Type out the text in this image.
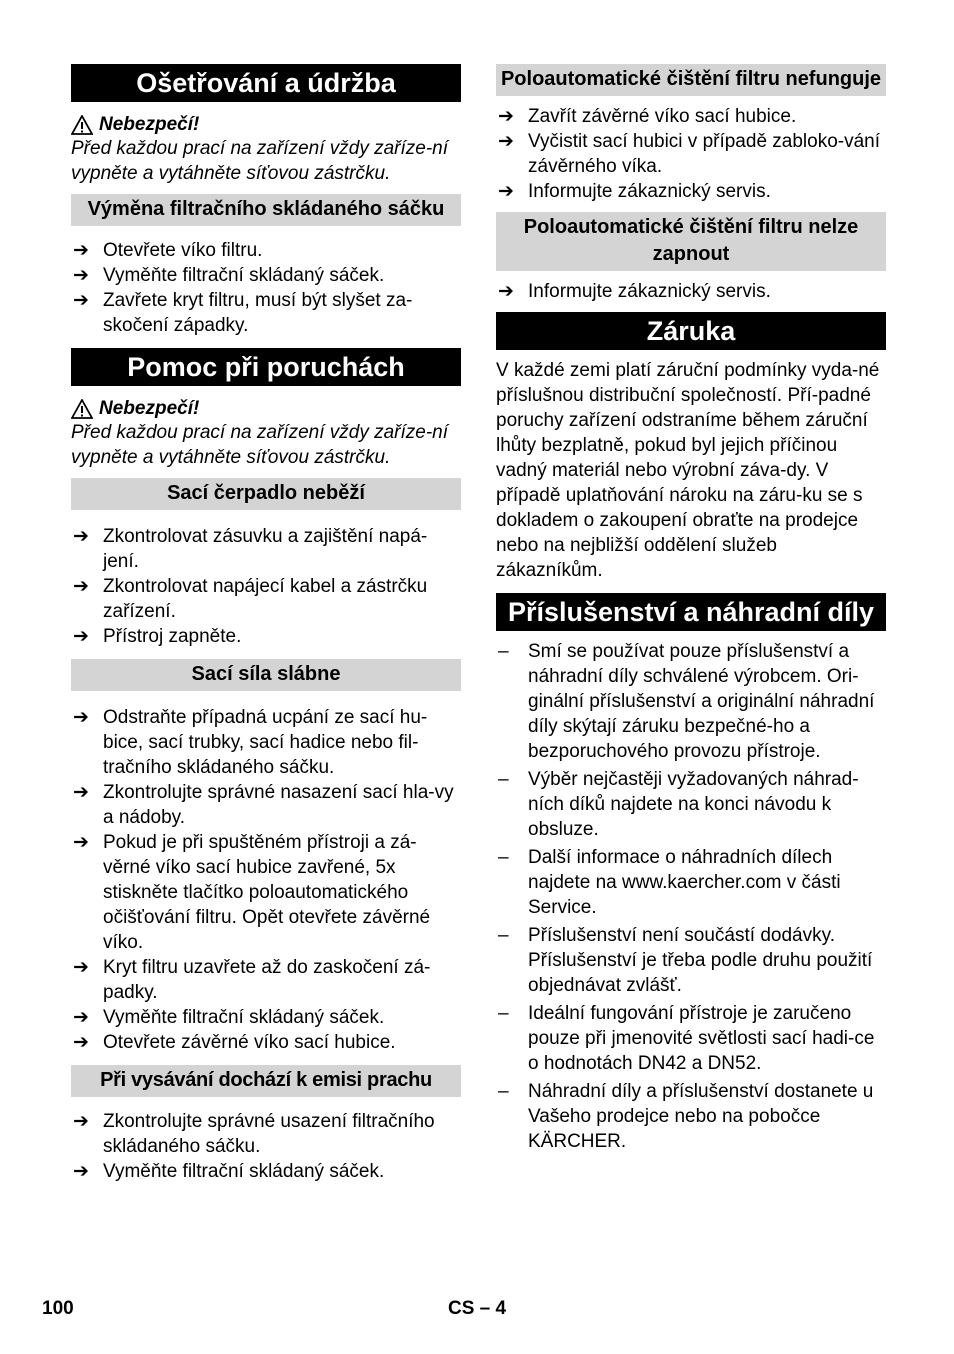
Ošetřování a údržba
Nebezpečí!

Před každou prací na zařízení vždy zaříze-ní vypněte a vytáhněte síťovou zástrčku.

Výměna filtračního skládaného sáčku
➔ Otevřete víko filtru.
➔ Vyměňte filtrační skládaný sáček.
➔ Zavřete kryt filtru, musí být slyšet za-skočení západky.
Pomoc při poruchách
Nebezpečí!

Před každou prací na zařízení vždy zaříze-ní vypněte a vytáhněte síťovou zástrčku.

Sací čerpadlo neběží
➔ Zkontrolovat zásuvku a zajištění napá-jení.
➔ Zkontrolovat napájecí kabel a zástrčku zařízení.
➔ Přístroj zapněte.
Sací síla slábne
➔ Odstraňte případná ucpání ze sací hu-bice, sací trubky, sací hadice nebo fil-tračního skládaného sáčku.
➔ Zkontrolujte správné nasazení sací hla-vy a nádoby.
➔ Pokud je při spuštěném přístroji a zá-věrné víko sací hubice zavřené, 5x stiskněte tlačítko poloautomatického očišťování filtru. Opět otevřete závěrné víko.
➔ Kryt filtru uzavřete až do zaskočení zá-padky.
➔ Vyměňte filtrační skládaný sáček.
➔ Otevřete závěrné víko sací hubice.
Při vysávání dochází k emisi prachu
➔ Zkontrolujte správné usazení filtračního skládaného sáčku.
➔ Vyměňte filtrační skládaný sáček.
Poloautomatické čištění filtru nefunguje
➔ Zavřít závěrné víko sací hubice.
➔ Vyčistit sací hubici v případě zabloko-vání závěrného víka.
➔ Informujte zákaznický servis.
Poloautomatické čištění filtru nelze zapnout
➔ Informujte zákaznický servis.
Záruka

V každé zemi platí záruční podmínky vyda-né příslušnou distribuční společností. Pří-padné poruchy zařízení odstraníme během záruční lhůty bezplatně, pokud byl jejich příčinou vadný materiál nebo výrobní záva-dy. V případě uplatňování nároku na záru-ku se s dokladem o zakoupení obraťte na prodejce nebo na nejbližší oddělení služeb zákazníkům.

Příslušenství a náhradní díly
– Smí se používat pouze příslušenství a náhradní díly schválené výrobcem. Ori-ginální příslušenství a originální náhradní díly skýtají záruku bezpečné-ho a bezporuchového provozu přístroje.
– Výběr nejčastěji vyžadovaných náhrad-ních díků najdete na konci návodu k obsluze.
– Další informace o náhradních dílech najdete na www.kaercher.com v části Service.
– Příslušenství není součástí dodávky. Příslušenství je třeba podle druhu použití objednávat zvlášť.
– Ideální fungování přístroje je zaručeno pouze při jmenovité světlosti sací hadi-ce o hodnotách DN42 a DN52.
– Náhradní díly a příslušenství dostanete u Vašeho prodejce nebo na pobočce KÄRCHER.
100	CS – 4
